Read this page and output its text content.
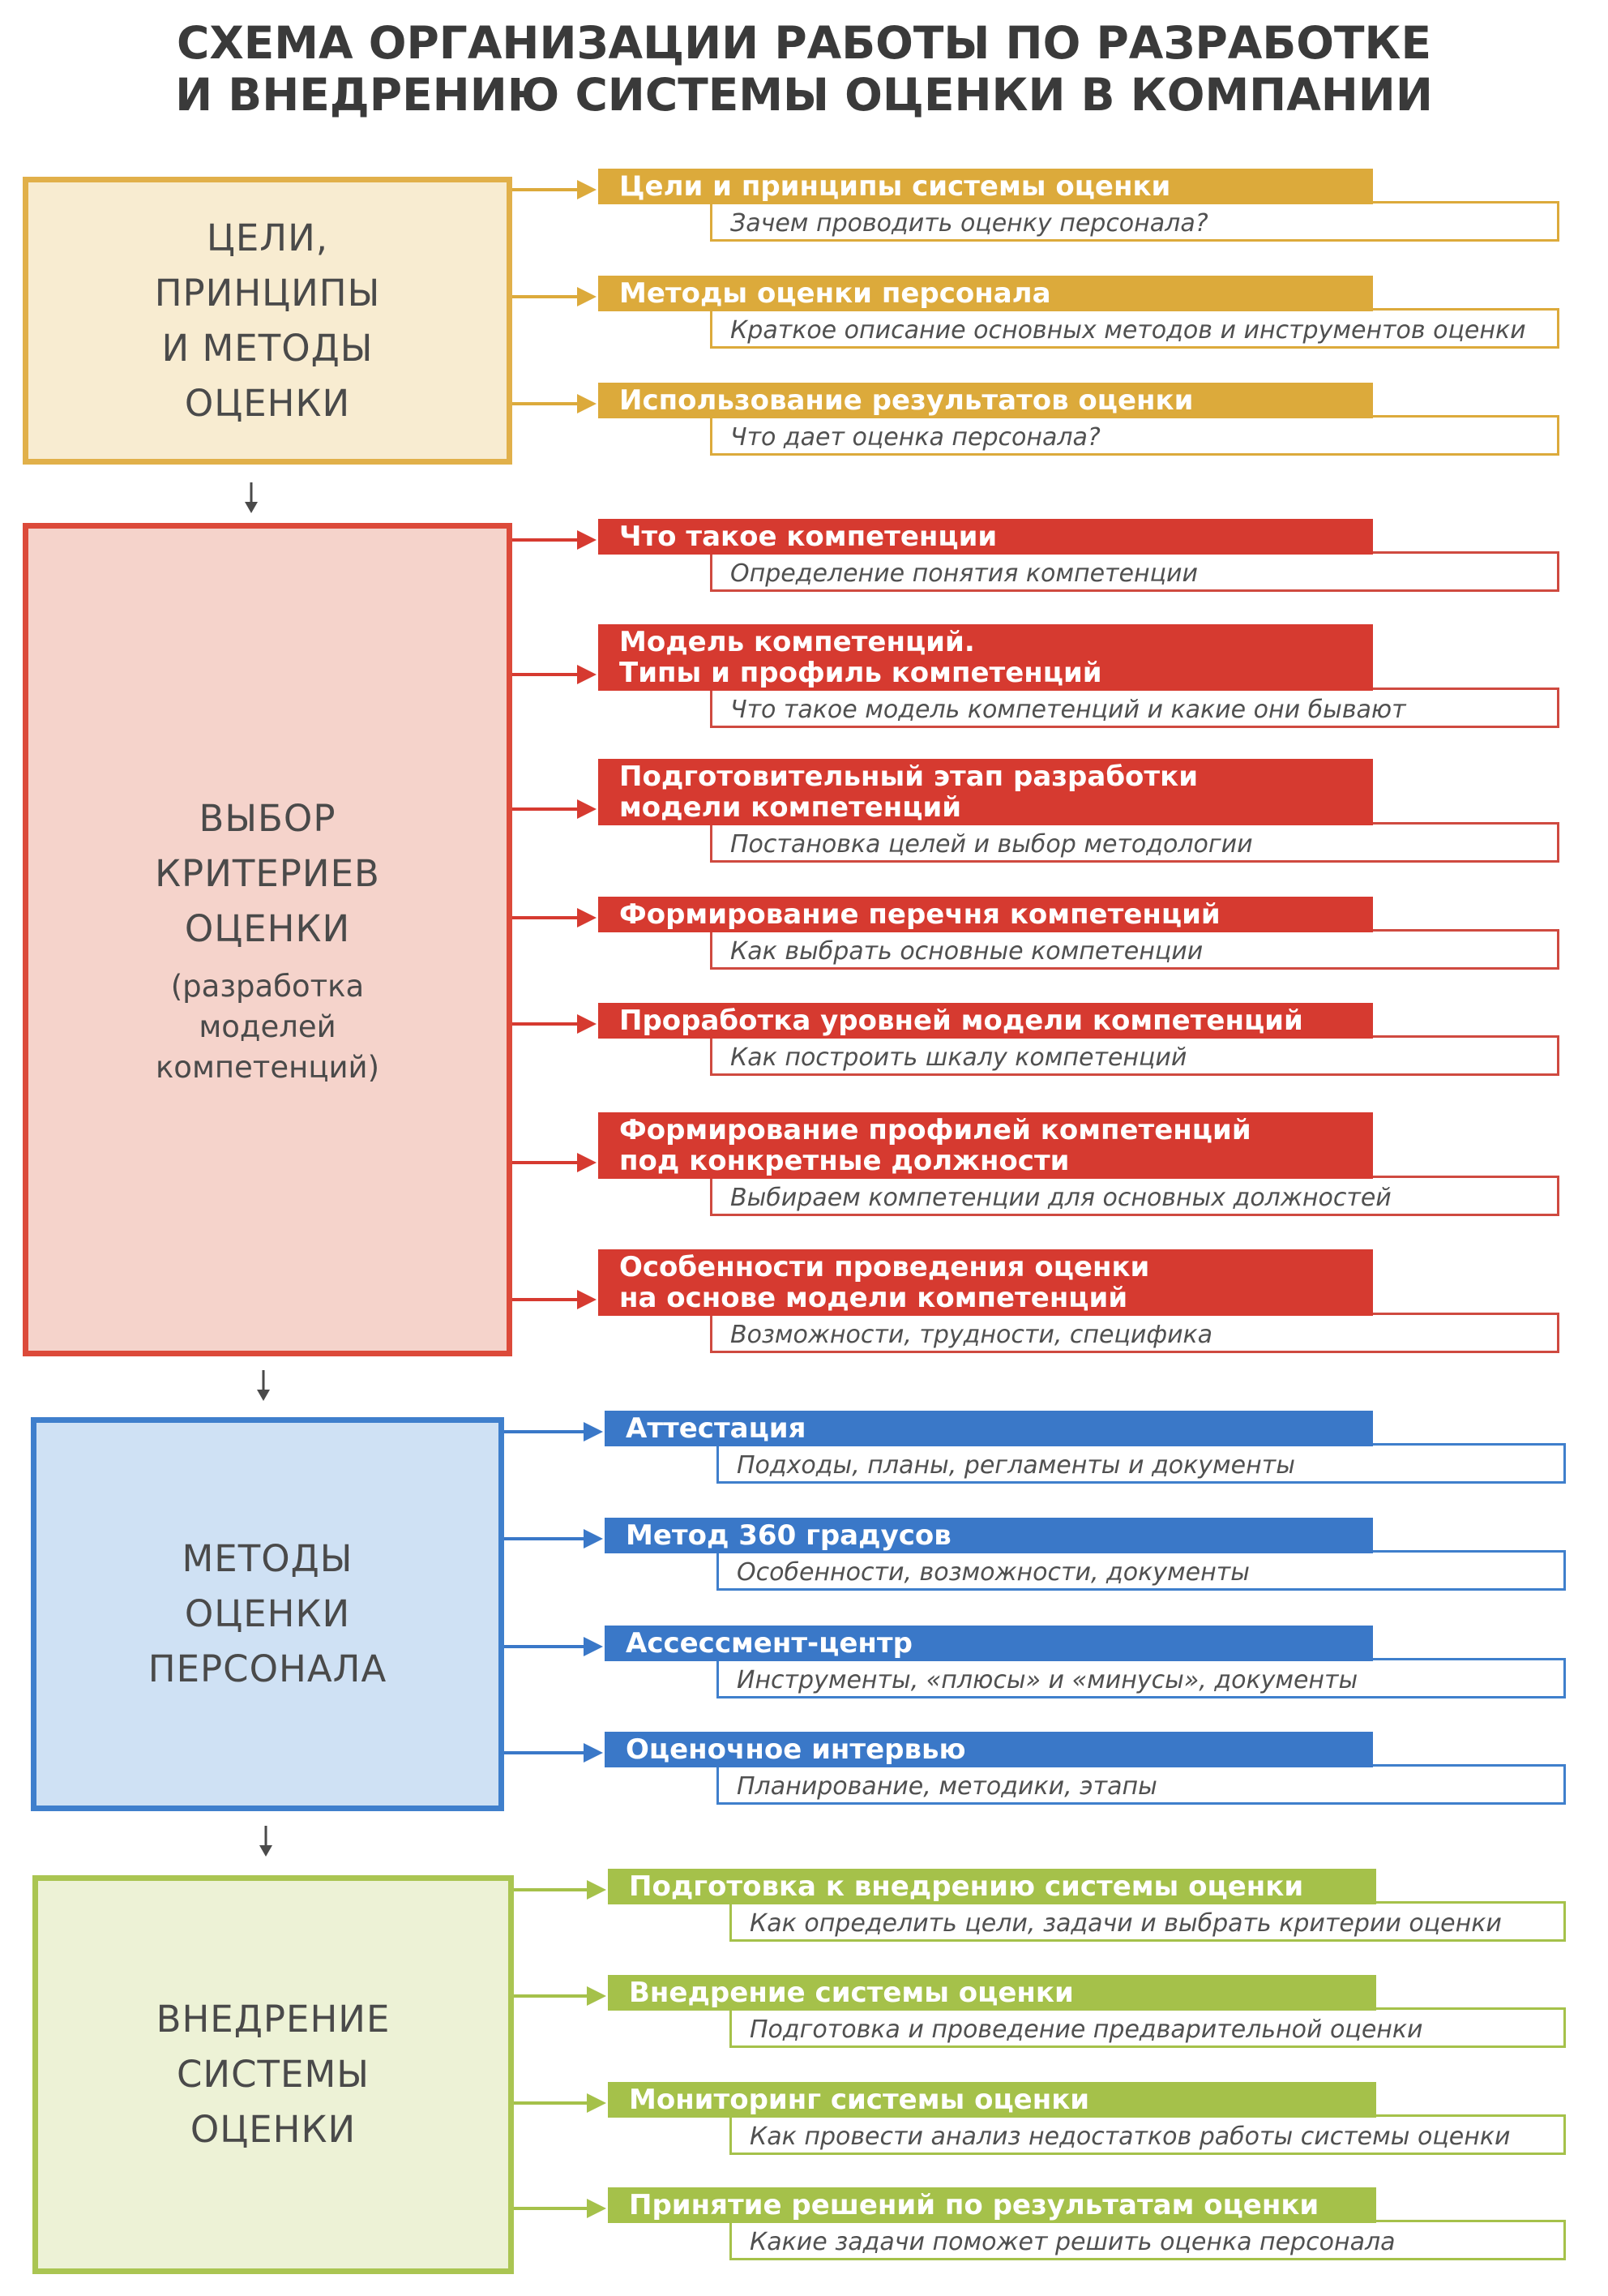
СХЕМА ОРГАНИЗАЦИИ РАБОТЫ ПО РАЗРАБОТКЕ
И ВНЕДРЕНИЮ СИСТЕМЫ ОЦЕНКИ В КОМПАНИИ
ЦЕЛИ,
ПРИНЦИПЫ
И МЕТОДЫ
ОЦЕНКИ
Зачем проводить оценку персонала?
Цели и принципы системы оценки
Краткое описание основных методов и инструментов оценки
Методы оценки персонала
Что дает оценка персонала?
Использование результатов оценки
ВЫБОР
КРИТЕРИЕВ
ОЦЕНКИ
(разработка
моделей
компетенций)
Определение понятия компетенции
Что такое компетенции
Что такое модель компетенций и какие они бывают
Модель компетенций.
Типы и профиль компетенций
Постановка целей и выбор методологии
Подготовительный этап разработки
модели компетенций
Как выбрать основные компетенции
Формирование перечня компетенций
Как построить шкалу компетенций
Проработка уровней модели компетенций
Выбираем компетенции для основных должностей
Формирование профилей компетенций
под конкретные должности
Возможности, трудности, специфика
Особенности проведения оценки
на основе модели компетенций
МЕТОДЫ
ОЦЕНКИ
ПЕРСОНАЛА
Подходы, планы, регламенты и документы
Аттестация
Особенности, возможности, документы
Метод 360 градусов
Инструменты, «плюсы» и «минусы», документы
Ассессмент-центр
Планирование, методики, этапы
Оценочное интервью
ВНЕДРЕНИЕ
СИСТЕМЫ
ОЦЕНКИ
Как определить цели, задачи и выбрать критерии оценки
Подготовка к внедрению системы оценки
Подготовка и проведение предварительной оценки
Внедрение системы оценки
Как провести анализ недостатков работы системы оценки
Мониторинг системы оценки
Какие задачи поможет решить оценка персонала
Принятие решений по результатам оценки
